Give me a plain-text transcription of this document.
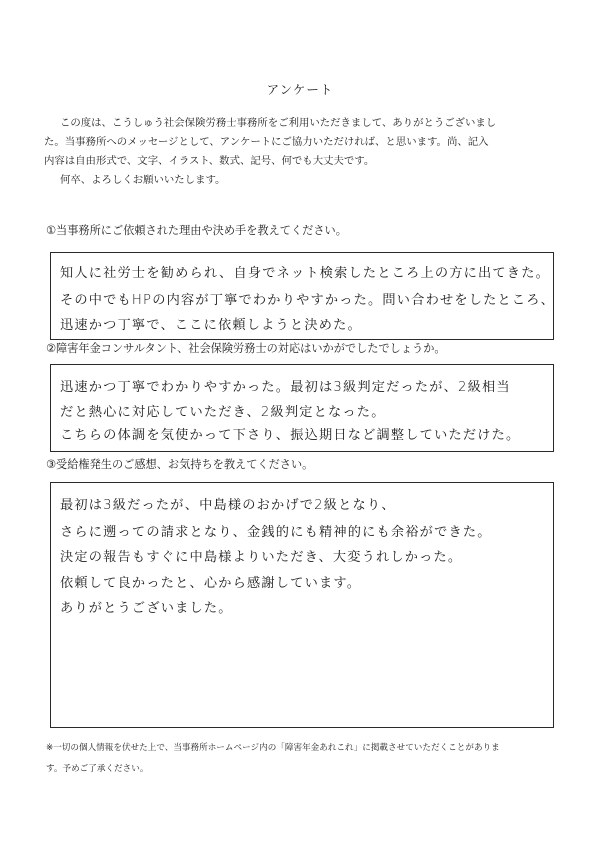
アンケート

この度は、こうしゅう社会保険労務士事務所をご利用いただきまして、ありがとうございまし

た。当事務所へのメッセージとして、アンケートにご協力いただければ、と思います。尚、記入

内容は自由形式で、文字、イラスト、数式、記号、何でも大丈夫です。

何卒、よろしくお願いいたします。

①当事務所にご依頼された理由や決め手を教えてください。
知人に社労士を勧められ、自身でネット検索したところ上の方に出てきた。
その中でもHPの内容が丁寧でわかりやすかった。問い合わせをしたところ、
迅速かつ丁寧で、ここに依頼しようと決めた。
②障害年金コンサルタント、社会保険労務士の対応はいかがでしたでしょうか。
迅速かつ丁寧でわかりやすかった。最初は3級判定だったが、2級相当
だと熱心に対応していただき、2級判定となった。
こちらの体調を気使かって下さり、振込期日など調整していただけた。
③受給権発生のご感想、お気持ちを教えてください。
最初は3級だったが、中島様のおかげで2級となり、
さらに遡っての請求となり、金銭的にも精神的にも余裕ができた。
決定の報告もすぐに中島様よりいただき、大変うれしかった。
依頼して良かったと、心から感謝しています。
ありがとうございました。
※一切の個人情報を伏せた上で、当事務所ホームページ内の「障害年金あれこれ」に掲載させていただくことがありま
す。予めご了承ください。
